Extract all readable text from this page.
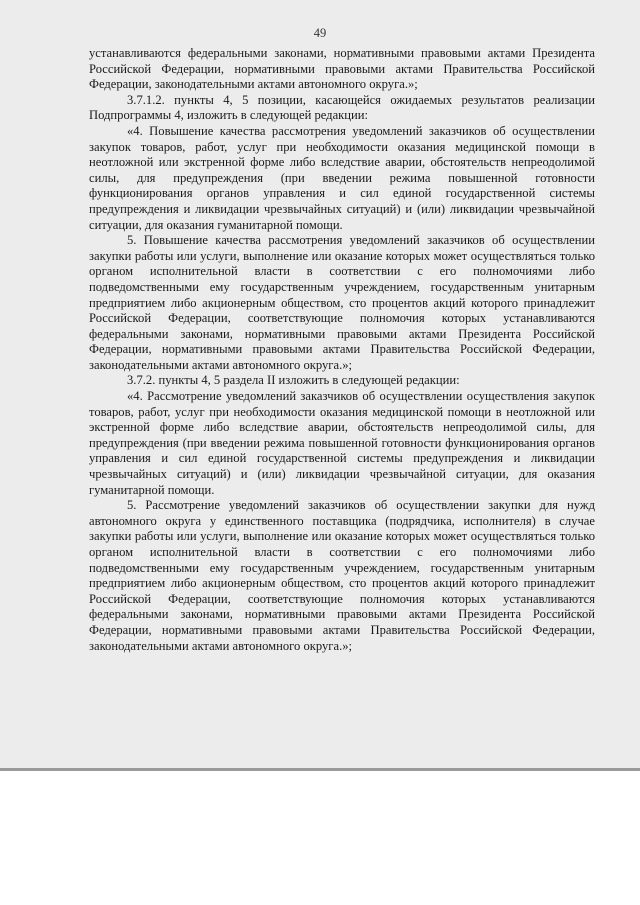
49

устанавливаются федеральными законами, нормативными правовыми актами Президента Российской Федерации, нормативными правовыми актами Правительства Российской Федерации, законодательными актами автономного округа.»;

3.7.1.2. пункты 4, 5 позиции, касающейся ожидаемых результатов реализации Подпрограммы 4, изложить в следующей редакции:

«4. Повышение качества рассмотрения уведомлений заказчиков об осуществлении закупок товаров, работ, услуг при необходимости оказания медицинской помощи в неотложной или экстренной форме либо вследствие аварии, обстоятельств непреодолимой силы, для предупреждения (при введении режима повышенной готовности функционирования органов управления и сил единой государственной системы предупреждения и ликвидации чрезвычайных ситуаций) и (или) ликвидации чрезвычайной ситуации, для оказания гуманитарной помощи.

5. Повышение качества рассмотрения уведомлений заказчиков об осуществлении закупки работы или услуги, выполнение или оказание которых может осуществляться только органом исполнительной власти в соответствии с его полномочиями либо подведомственными ему государственным учреждением, государственным унитарным предприятием либо акционерным обществом, сто процентов акций которого принадлежит Российской Федерации, соответствующие полномочия которых устанавливаются федеральными законами, нормативными правовыми актами Президента Российской Федерации, нормативными правовыми актами Правительства Российской Федерации, законодательными актами автономного округа.»;

3.7.2. пункты 4, 5 раздела II изложить в следующей редакции:

«4. Рассмотрение уведомлений заказчиков об осуществлении осуществления закупок товаров, работ, услуг при необходимости оказания медицинской помощи в неотложной или экстренной форме либо вследствие аварии, обстоятельств непреодолимой силы, для предупреждения (при введении режима повышенной готовности функционирования органов управления и сил единой государственной системы предупреждения и ликвидации чрезвычайных ситуаций) и (или) ликвидации чрезвычайной ситуации, для оказания гуманитарной помощи.

5. Рассмотрение уведомлений заказчиков об осуществлении закупки для нужд автономного округа у единственного поставщика (подрядчика, исполнителя) в случае закупки работы или услуги, выполнение или оказание которых может осуществляться только органом исполнительной власти в соответствии с его полномочиями либо подведомственными ему государственным учреждением, государственным унитарным предприятием либо акционерным обществом, сто процентов акций которого принадлежит Российской Федерации, соответствующие полномочия которых устанавливаются федеральными законами, нормативными правовыми актами Президента Российской Федерации, нормативными правовыми актами Правительства Российской Федерации, законодательными актами автономного округа.»;
